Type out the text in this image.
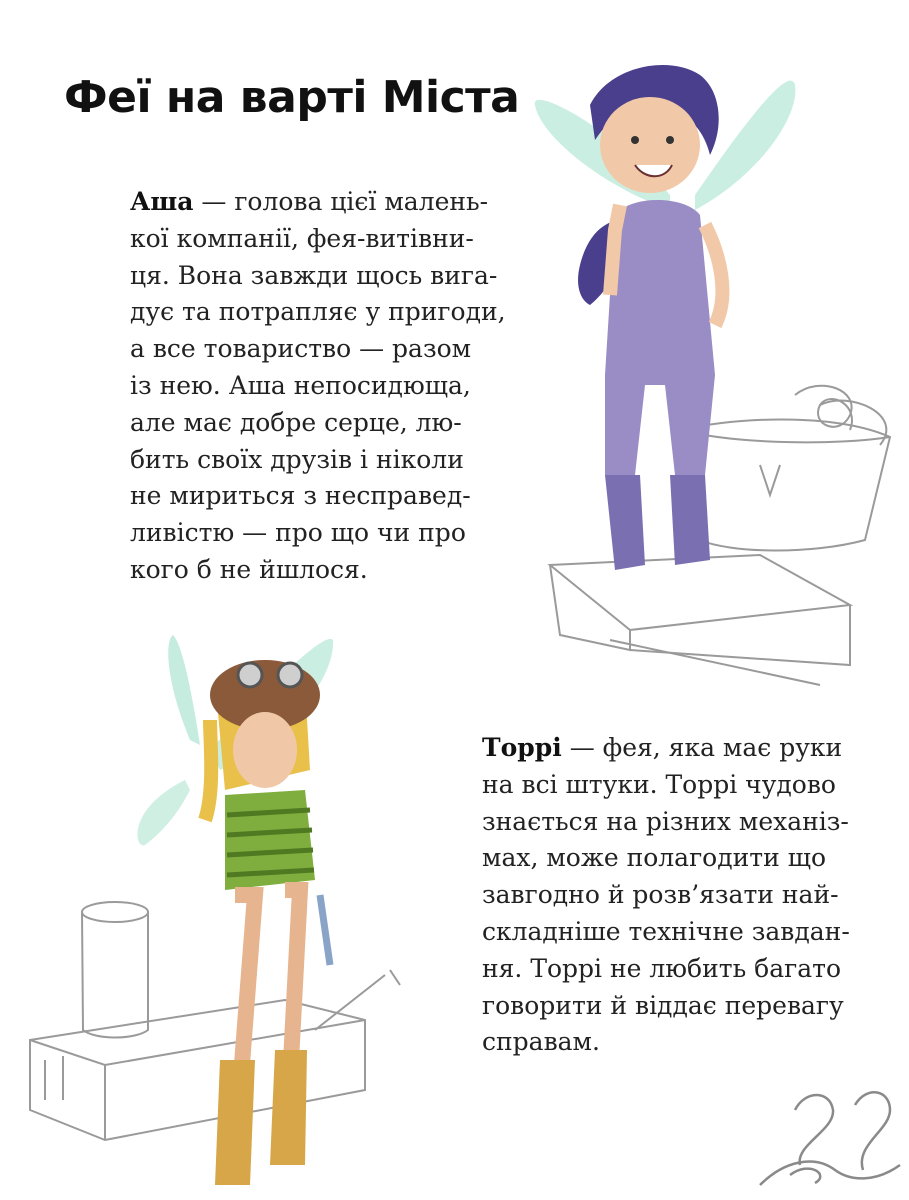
Феї на варті Міста

Аша — голова цієї малень-
кої компанії, фея-витівни-
ця. Вона завжди щось вига-
дує та потрапляє у пригоди,
а все товариство — разом
із нею. Аша непосидюща,
але має добре серце, лю-
бить своїх друзів і ніколи
не мириться з несправед-
ливістю — про що чи про
кого б не йшлося.

Торрі — фея, яка має руки
на всі штуки. Торрі чудово
знається на різних механіз-
мах, може полагодити що
завгодно й розв’язати най-
складніше технічне завдан-
ня. Торрі не любить багато
говорити й віддає перевагу
справам.
